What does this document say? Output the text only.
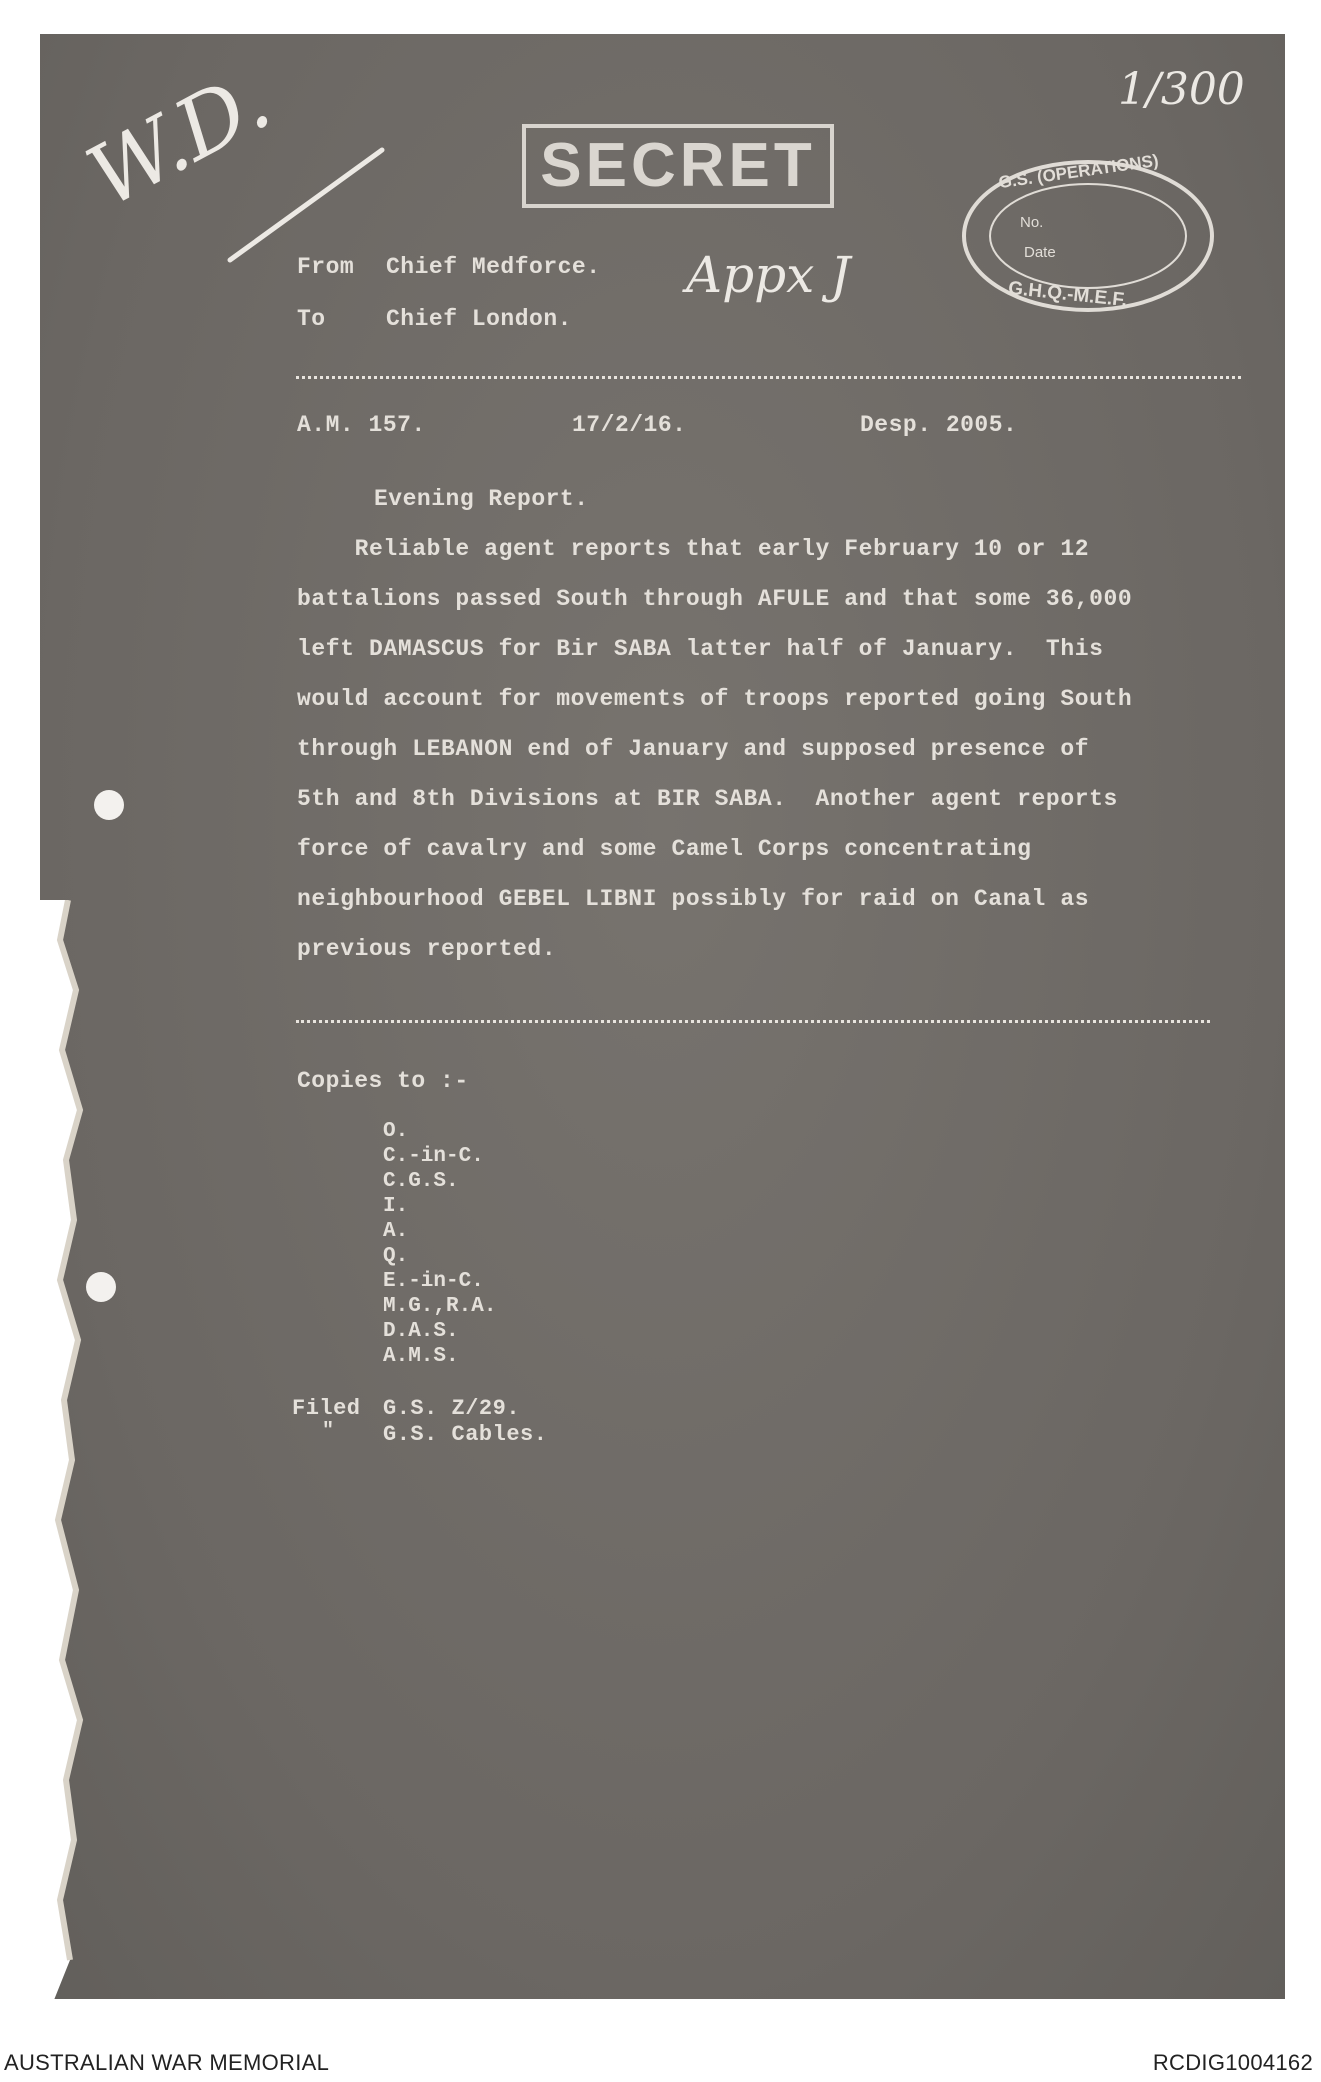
1/300
W.D.	SECRET	G.S. (OPERATIONS)
No.
Date
G.H.Q.-M.E.F.
From Chief Medforce.
To	Chief London.
Appx J
A.M. 157.	17/2/16.	Desp. 2005.
Evening Report.
Reliable agent reports that early February 10 or 12
battalions passed South through AFULE and that some 36,000
left DAMASCUS for Bir SABA latter half of January.  This
would account for movements of troops reported going South
through LEBANON end of January and supposed presence of
5th and 8th Divisions at BIR SABA.  Another agent reports
force of cavalry and some Camel Corps concentrating
neighbourhood GEBEL LIBNI possibly for raid on Canal as
previous reported.
Copies to :-
O.
C.-in-C.
C.G.S.
I.
A.
Q.
E.-in-C.
M.G.,R.A.
D.A.S.
A.M.S.
Filed G.S. Z/29.
" G.S. Cables.
AUSTRALIAN WAR MEMORIAL	RCDIG1004162
